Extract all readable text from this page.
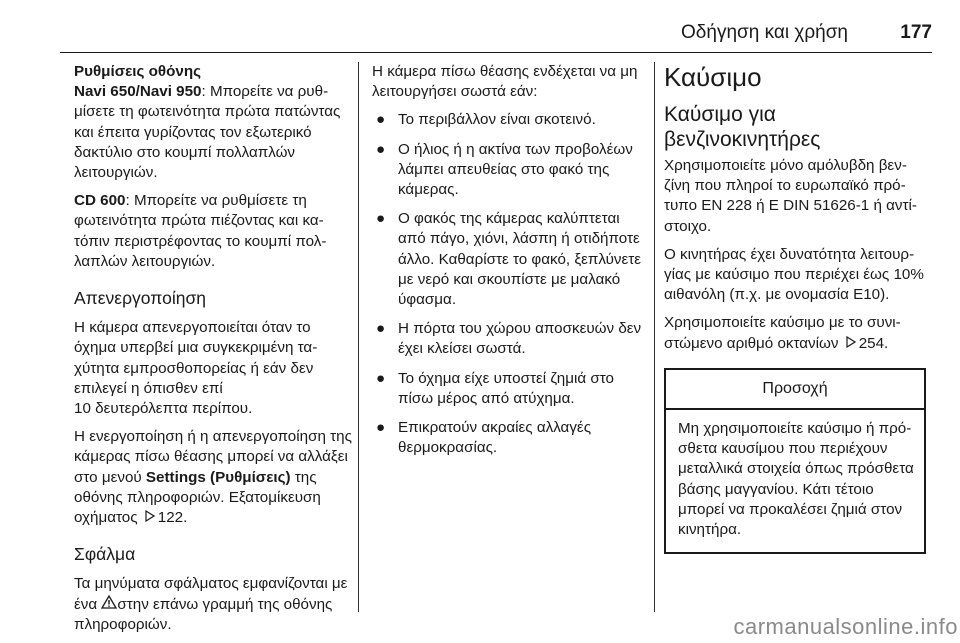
Οδήγηση και χρήση	177

Ρυθμίσεις οθόνης

Navi 650/Navi 950: Μπορείτε να ρυθμίσετε τη φωτεινότητα πρώτα πατώντας και έπειτα γυρίζοντας τον εξωτερικό δακτύλιο στο κουμπί πολλαπλών λειτουργιών.

CD 600: Μπορείτε να ρυθμίσετε τη φωτεινότητα πρώτα πιέζοντας και κατόπιν περιστρέφοντας το κουμπί πολλαπλών λειτουργιών.

Απενεργοποίηση

Η κάμερα απενεργοποιείται όταν το όχημα υπερβεί μια συγκεκριμένη ταχύτητα εμπροσθοπορείας ή εάν δεν επιλεγεί η όπισθεν επί
10 δευτερόλεπτα περίπου.

Η ενεργοποίηση ή η απενεργοποίηση της κάμερας πίσω θέασης μπορεί να αλλάξει στο μενού Settings (Ρυθμίσεις) της οθόνης πληροφοριών. Εξατομίκευση οχήματος 122.

Σφάλμα

Τα μηνύματα σφάλματος εμφανίζονται με ένα στην επάνω γραμμή της οθόνης πληροφοριών.

Η κάμερα πίσω θέασης ενδέχεται να μη λειτουργήσει σωστά εάν:

● Το περιβάλλον είναι σκοτεινό.
● Ο ήλιος ή η ακτίνα των προβολέων λάμπει απευθείας στο φακό της κάμερας.
● Ο φακός της κάμερας καλύπτεται από πάγο, χιόνι, λάσπη ή οτιδήποτε άλλο. Καθαρίστε το φακό, ξεπλύνετε με νερό και σκουπίστε με μαλακό ύφασμα.
● Η πόρτα του χώρου αποσκευών δεν έχει κλείσει σωστά.
● Το όχημα είχε υποστεί ζημιά στο πίσω μέρος από ατύχημα.
● Επικρατούν ακραίες αλλαγές θερμοκρασίας.
Καύσιμο
Καύσιμο για βενζινοκινητήρες

Χρησιμοποιείτε μόνο αμόλυβδη βενζίνη που πληροί το ευρωπαϊκό πρότυπο EN 228 ή E DIN 51626-1 ή αντίστοιχο.

Ο κινητήρας έχει δυνατότητα λειτουργίας με καύσιμο που περιέχει έως 10% αιθανόλη (π.χ. με ονομασία E10).

Χρησιμοποιείτε καύσιμο με το συνιστώμενο αριθμό οκτανίων 254.

Προσοχή
Μη χρησιμοποιείτε καύσιμο ή πρόσθετα καυσίμου που περιέχουν μεταλλικά στοιχεία όπως πρόσθετα βάσης μαγγανίου. Κάτι τέτοιο μπορεί να προκαλέσει ζημιά στον κινητήρα.
carmanualsonline.info
